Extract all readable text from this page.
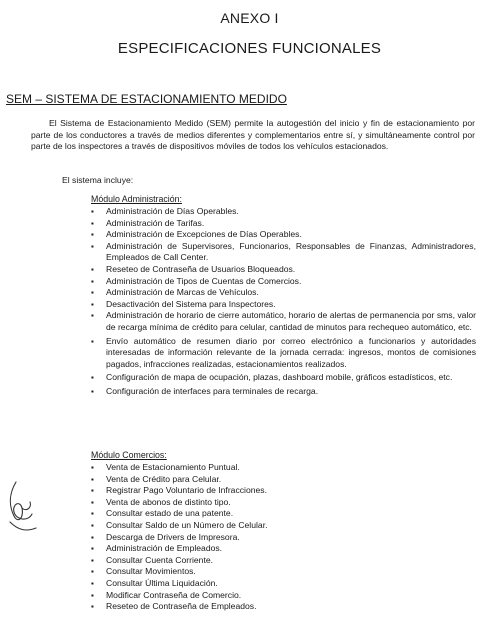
ANEXO I
ESPECIFICACIONES FUNCIONALES
SEM – SISTEMA DE ESTACIONAMIENTO MEDIDO
El Sistema de Estacionamiento Medido (SEM) permite la autogestión del inicio y fin de estacionamiento por parte de los conductores a través de medios diferentes y complementarios entre sí, y simultáneamente control por parte de los inspectores a través de dispositivos móviles de todos los vehículos estacionados.
El sistema incluye:
Módulo Administración:
▪ Administración de Días Operables.
▪ Administración de Tarifas.
▪ Administración de Excepciones de Días Operables.
▪ Administración de Supervisores, Funcionarios, Responsables de Finanzas, Administradores, Empleados de Call Center.
▪ Reseteo de Contraseña de Usuarios Bloqueados.
▪ Administración de Tipos de Cuentas de Comercios.
▪ Administración de Marcas de Vehículos.
▪ Desactivación del Sistema para Inspectores.
▪ Administración de horario de cierre automático, horario de alertas de permanencia por sms, valor de recarga mínima de crédito para celular, cantidad de minutos para rechequeo automático, etc.
▪ Envío automático de resumen diario por correo electrónico a funcionarios y autoridades interesadas de información relevante de la jornada cerrada: ingresos, montos de comisiones pagados, infracciones realizadas, estacionamientos realizados.
▪ Configuración de mapa de ocupación, plazas, dashboard mobile, gráficos estadísticos, etc.
▪ Configuración de interfaces para terminales de recarga.
Módulo Comercios:
▪ Venta de Estacionamiento Puntual.
▪ Venta de Crédito para Celular.
▪ Registrar Pago Voluntario de Infracciones.
▪ Venta de abonos de distinto tipo.
▪ Consultar estado de una patente.
▪ Consultar Saldo de un Número de Celular.
▪ Descarga de Drivers de Impresora.
▪ Administración de Empleados.
▪ Consultar Cuenta Corriente.
▪ Consultar Movimientos.
▪ Consultar Última Liquidación.
▪ Modificar Contraseña de Comercio.
▪ Reseteo de Contraseña de Empleados.
